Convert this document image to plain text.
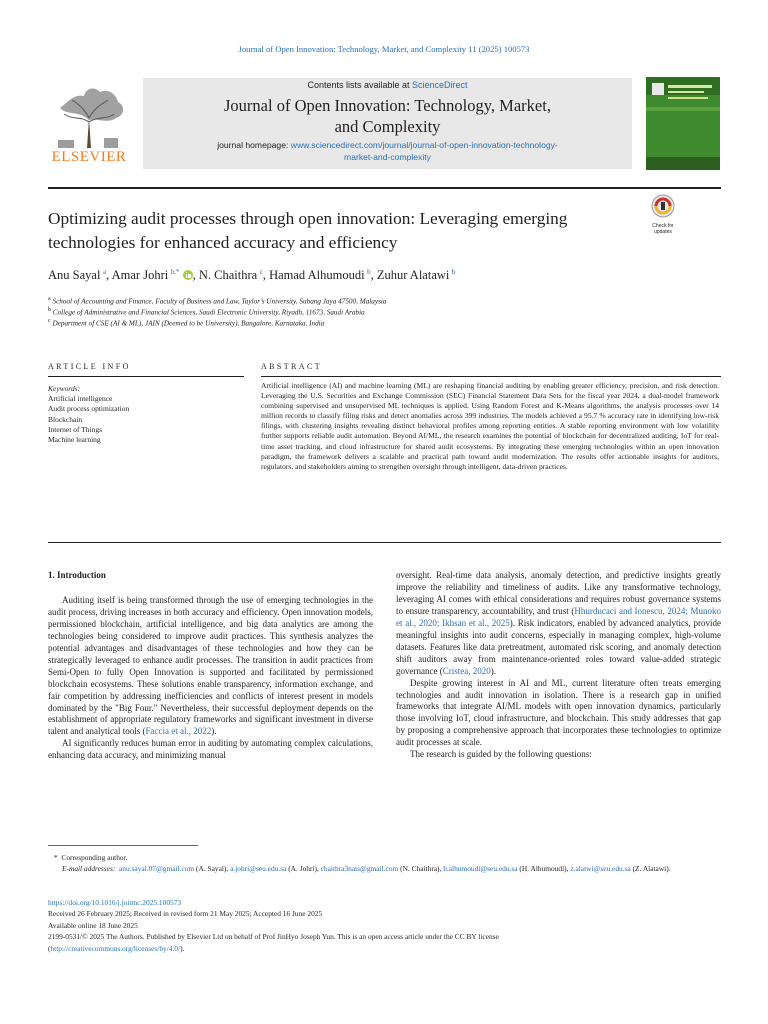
Journal of Open Innovation: Technology, Market, and Complexity 11 (2025) 100573
ELSEVIER
Contents lists available at ScienceDirect
Journal of Open Innovation: Technology, Market,
and Complexity
journal homepage: www.sciencedirect.com/journal/journal-of-open-innovation-technology-
market-and-complexity
Optimizing audit processes through open innovation: Leveraging emerging
technologies for enhanced accuracy and efficiency
Check for updates
Anu Sayal  $^a$, Amar Johri  $^{b,*}$ , N. Chaithra  $^c$, Hamad Alhumoudi  $^b$, Zuhur Alatawi  $^b$
$^a$ School of Accounting and Finance, Faculty of Business and Law, Taylor’s University, Subang Jaya 47500, Malaysia
$^b$ College of Administrative and Financial Sciences, Saudi Electronic University, Riyadh, 11673, Saudi Arabia
$^c$ Department of CSE (AI & ML), JAIN (Deemed to be University), Bangalore, Karnataka, India
ARTICLE INFO	ABSTRACT
Keywords:
Artificial intelligence
Audit process optimization
Blockchain
Internet of Things
Machine learning
Artificial intelligence (AI) and machine learning (ML) are reshaping financial auditing by enabling greater efficiency, precision, and risk detection. Leveraging the U.S. Securities and Exchange Commission (SEC) Financial Statement Data Sets for the fiscal year 2024, a dual-model framework combining supervised and unsupervised ML techniques is applied. Using Random Forest and K-Means algorithms, the analysis processes over 14 million records to classify filing risks and detect anomalies across 399 industries. The models achieved a 95.7 % accuracy rate in identifying low-risk filings, with clustering insights revealing distinct behavioral profiles among reporting entities. A stable reporting environment with low volatility further supports reliable audit automation. Beyond AI/ML, the research examines the potential of blockchain for decentralized auditing, IoT for real-time asset tracking, and cloud infrastructure for shared audit ecosystems. By integrating these emerging technologies within an open innovation paradigm, the framework delivers a scalable and practical path toward audit modernization. The results offer actionable insights for auditors, regulators, and stakeholders aiming to strengthen oversight through intelligent, data-driven practices.
1. Introduction

Auditing itself is being transformed through the use of emerging technologies in the audit process, driving increases in both accuracy and efficiency. Open innovation models, permissioned blockchain, artificial intelligence, and big data analytics are among the technologies being considered to improve audit practices. This synthesis analyzes the potential advantages and disadvantages of these technologies and how they can be strategically leveraged to enhance audit processes. The transition in audit practices from Semi-Open to fully Open Innovation is supported and facilitated by permissioned blockchain ecosystems. These solutions enable transparency, information exchange, and fair competition by addressing inefficiencies and conflicts of interest present in models dominated by the "Big Four." Nevertheless, their successful deployment depends on the establishment of appropriate regulatory frameworks and significant investment in diverse talent and analytical tools (Faccia et al., 2022).

AI significantly reduces human error in auditing by automating complex calculations, enhancing data accuracy, and minimizing manual

oversight. Real-time data analysis, anomaly detection, and predictive insights greatly improve the reliability and timeliness of audits. Like any transformative technology, leveraging AI comes with ethical considerations and requires robust governance systems to ensure transparency, accountability, and trust (Hhurducaci and Ionescu, 2024; Munoko et al., 2020; Ikhsan et al., 2025). Risk indicators, enabled by advanced analytics, provide meaningful insights into audit concerns, especially in managing complex, high-volume datasets. Features like data pretreatment, automated risk scoring, and anomaly detection shift auditors away from maintenance-oriented roles toward value-added strategic governance (Cristea, 2020).

Despite growing interest in AI and ML, current literature often treats emerging technologies and audit innovation in isolation. There is a research gap in unified frameworks that integrate AI/ML models with open innovation dynamics, particularly those involving IoT, cloud infrastructure, and blockchain. This study addresses that gap by proposing a comprehensive approach that incorporates these technologies to optimize audit processes at scale.

The research is guided by the following questions:

*  Corresponding author.

E-mail addresses: anu.sayal.07@gmail.com (A. Sayal), a.johri@seu.edu.sa (A. Johri), chaithra3nats@gmail.com (N. Chaithra), h.alhumoudi@seu.edu.sa (H. Alhumoudi), z.alatwi@seu.edu.sa (Z. Alatawi).

https://doi.org/10.1016/j.joitmc.2025.100573

Received 26 February 2025; Received in revised form 21 May 2025; Accepted 16 June 2025

Available online 18 June 2025

2199-0531/© 2025 The Authors. Published by Elsevier Ltd on behalf of Prof JinHyo Joseph Yun. This is an open access article under the CC BY license
(http://creativecommons.org/licenses/by/4.0/).
